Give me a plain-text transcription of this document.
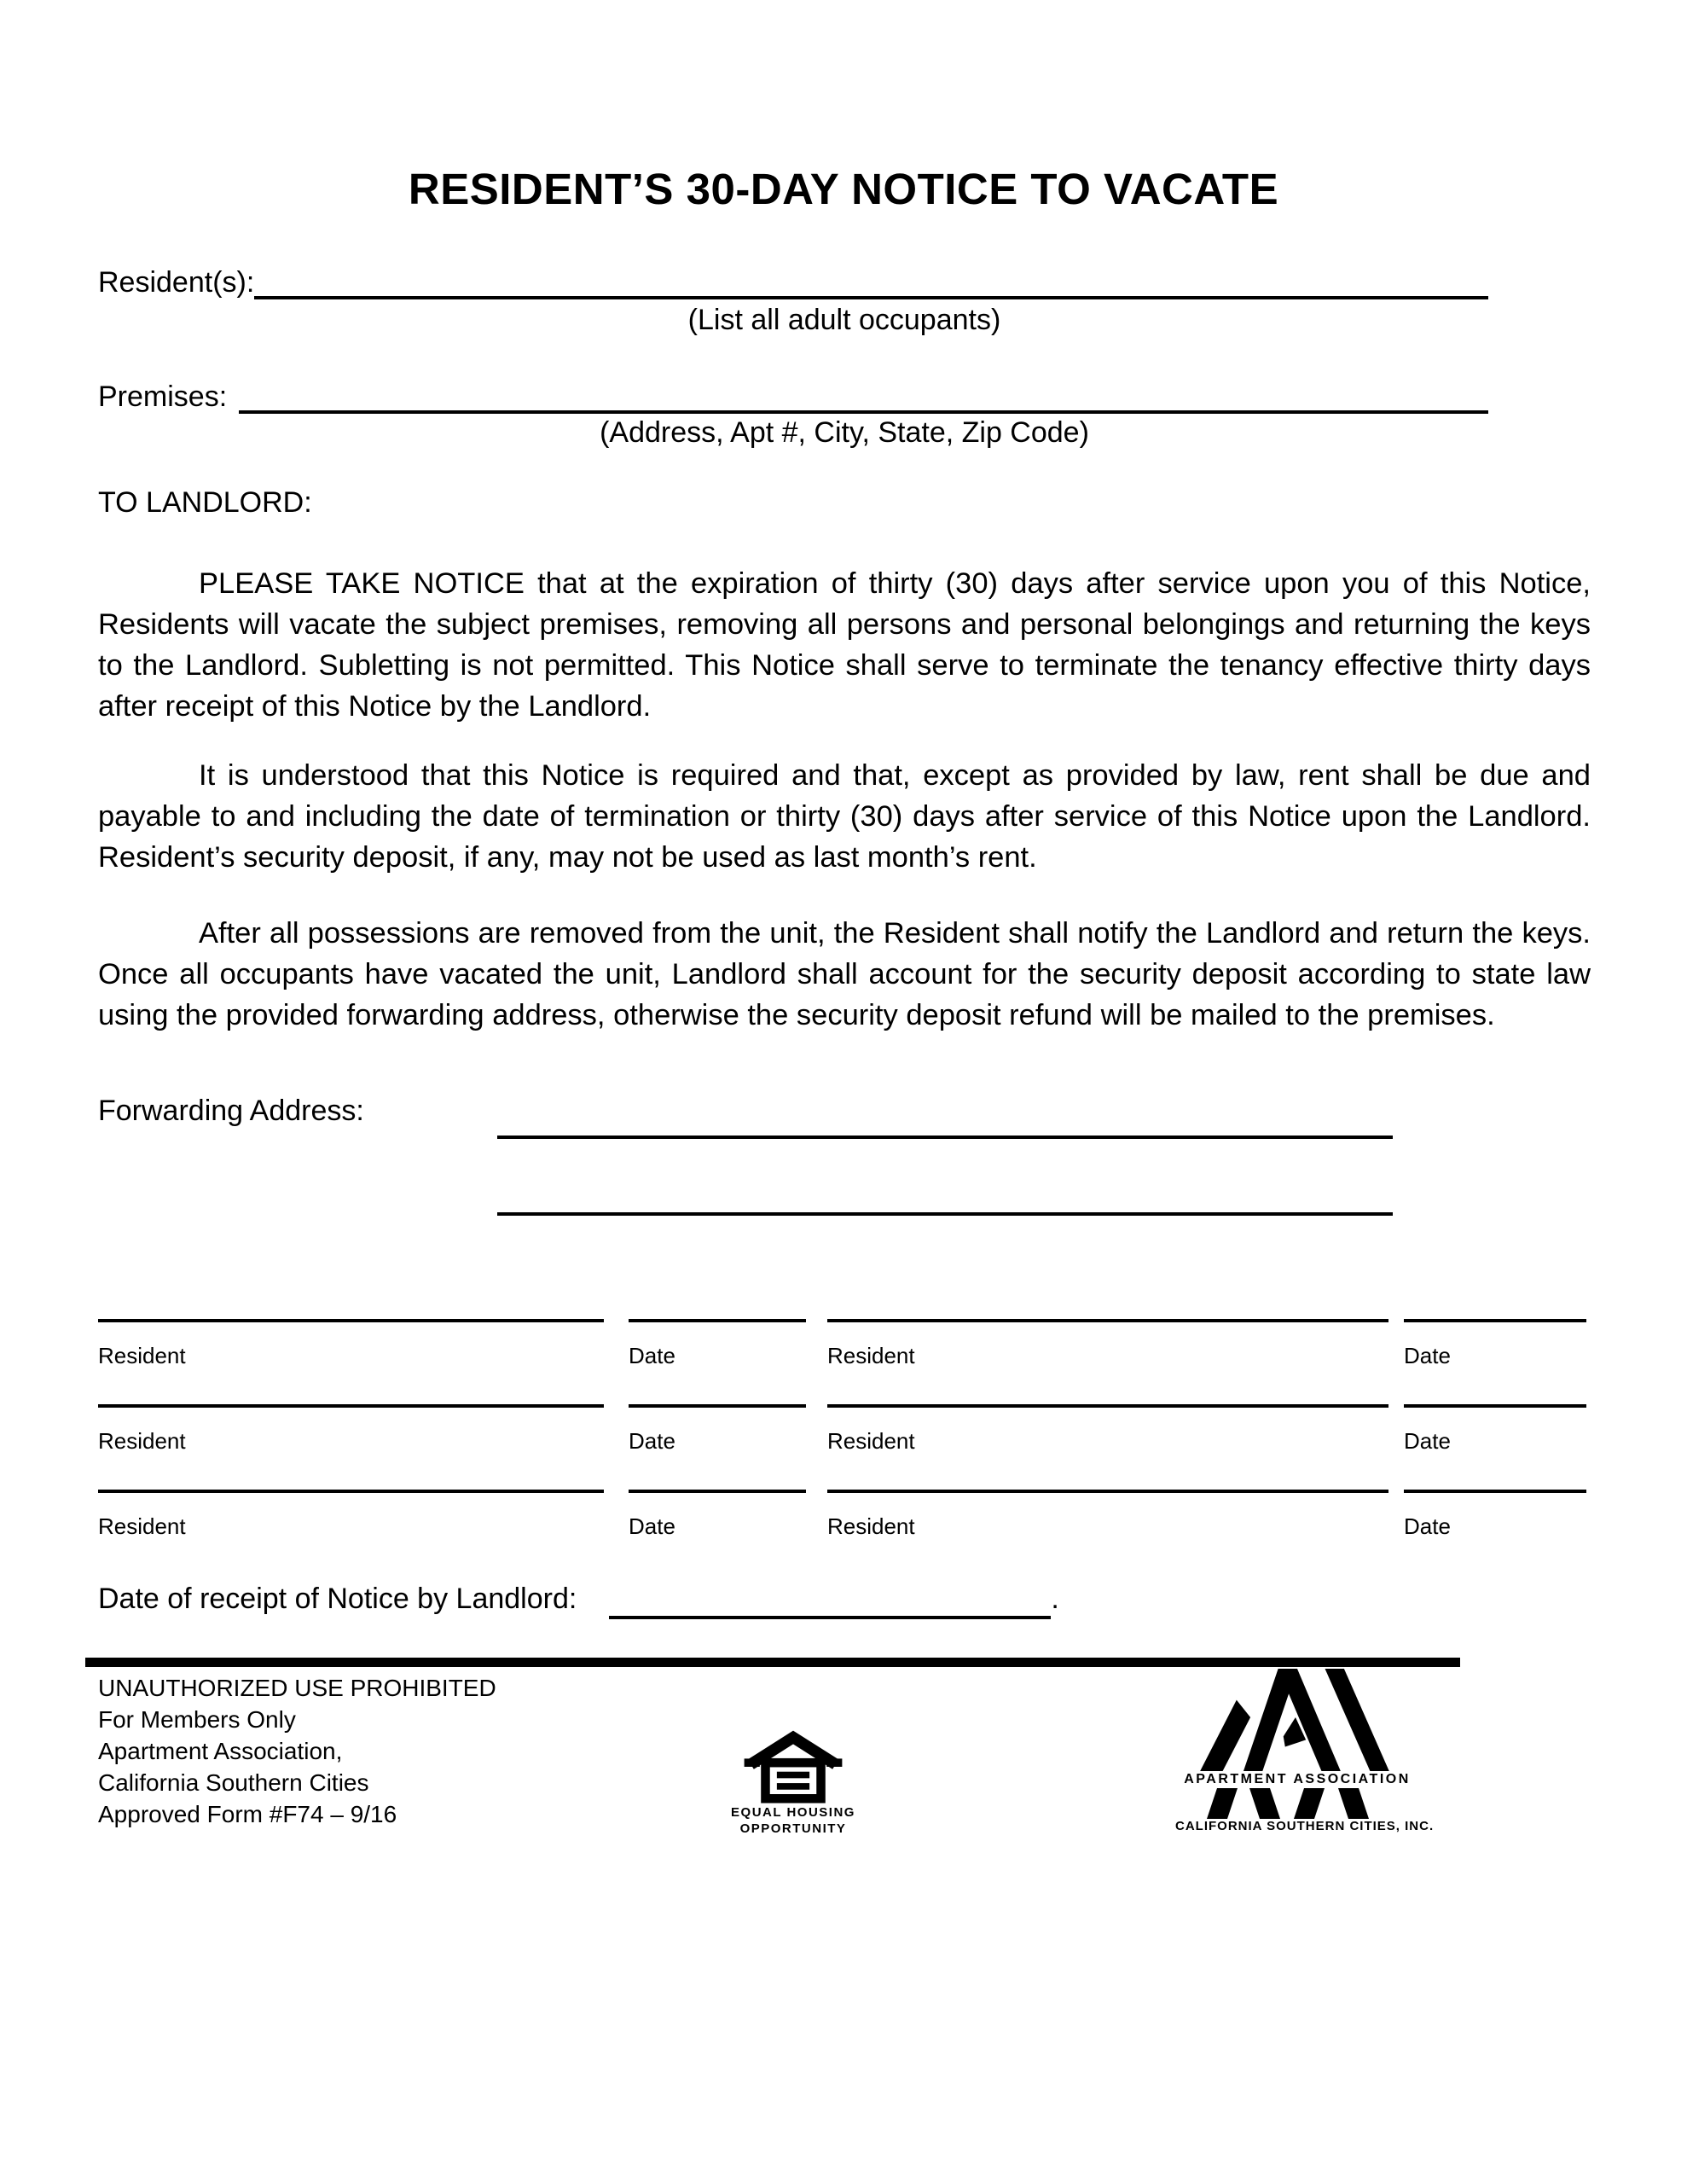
RESIDENT’S 30-DAY NOTICE TO VACATE
Resident(s):
(List all adult occupants)
Premises:
(Address, Apt #, City, State, Zip Code)
TO LANDLORD:

PLEASE TAKE NOTICE that at the expiration of thirty (30) days after service upon you of this Notice, Residents will vacate the subject premises, removing all persons and personal belongings and returning the keys to the Landlord. Subletting is not permitted. This Notice shall serve to terminate the tenancy effective thirty days after receipt of this Notice by the Landlord.

It is understood that this Notice is required and that, except as provided by law, rent shall be due and payable to and including the date of termination or thirty (30) days after service of this Notice upon the Landlord. Resident’s security deposit, if any, may not be used as last month’s rent.

After all possessions are removed from the unit, the Resident shall notify the Landlord and return the keys. Once all occupants have vacated the unit, Landlord shall account for the security deposit according to state law using the provided forwarding address, otherwise the security deposit refund will be mailed to the premises.

Forwarding Address:
Resident	Date	Resident	Date
Resident	Date	Resident	Date
Resident	Date	Resident	Date
Date of receipt of Notice by Landlord:	.
UNAUTHORIZED USE PROHIBITED
For Members Only
Apartment Association,
California Southern Cities
Approved Form #F74 – 9/16	EQUAL HOUSING
OPPORTUNITY
APARTMENT ASSOCIATION
CALIFORNIA SOUTHERN CITIES, INC.
